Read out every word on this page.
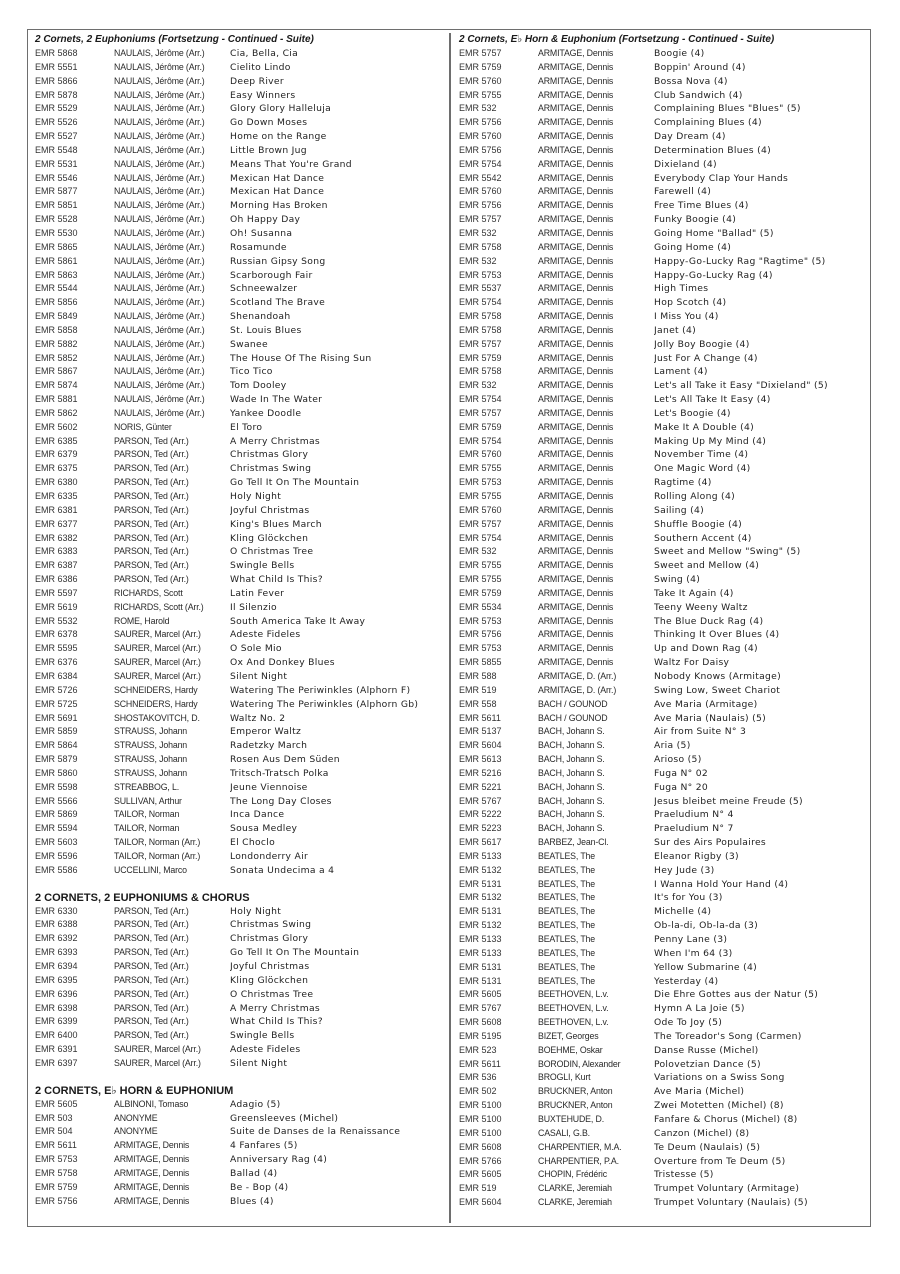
2 Cornets, 2 Euphoniums (Fortsetzung - Continued - Suite)
EMR 5868	NAULAIS, Jérôme (Arr.)	Cia, Bella, Cia
EMR 5551	NAULAIS, Jérôme (Arr.)	Cielito Lindo
EMR 5866	NAULAIS, Jérôme (Arr.)	Deep River
EMR 5878	NAULAIS, Jérôme (Arr.)	Easy Winners
EMR 5529	NAULAIS, Jérôme (Arr.)	Glory Glory Halleluja
EMR 5526	NAULAIS, Jérôme (Arr.)	Go Down Moses
EMR 5527	NAULAIS, Jérôme (Arr.)	Home on the Range
EMR 5548	NAULAIS, Jérôme (Arr.)	Little Brown Jug
EMR 5531	NAULAIS, Jérôme (Arr.)	Means That You're Grand
EMR 5546	NAULAIS, Jérôme (Arr.)	Mexican Hat Dance
EMR 5877	NAULAIS, Jérôme (Arr.)	Mexican Hat Dance
EMR 5851	NAULAIS, Jérôme (Arr.)	Morning Has Broken
EMR 5528	NAULAIS, Jérôme (Arr.)	Oh Happy Day
EMR 5530	NAULAIS, Jérôme (Arr.)	Oh! Susanna
EMR 5865	NAULAIS, Jérôme (Arr.)	Rosamunde
EMR 5861	NAULAIS, Jérôme (Arr.)	Russian Gipsy Song
EMR 5863	NAULAIS, Jérôme (Arr.)	Scarborough Fair
EMR 5544	NAULAIS, Jérôme (Arr.)	Schneewalzer
EMR 5856	NAULAIS, Jérôme (Arr.)	Scotland The Brave
EMR 5849	NAULAIS, Jérôme (Arr.)	Shenandoah
EMR 5858	NAULAIS, Jérôme (Arr.)	St. Louis Blues
EMR 5882	NAULAIS, Jérôme (Arr.)	Swanee
EMR 5852	NAULAIS, Jérôme (Arr.)	The House Of The Rising Sun
EMR 5867	NAULAIS, Jérôme (Arr.)	Tico Tico
EMR 5874	NAULAIS, Jérôme (Arr.)	Tom Dooley
EMR 5881	NAULAIS, Jérôme (Arr.)	Wade In The Water
EMR 5862	NAULAIS, Jérôme (Arr.)	Yankee Doodle
EMR 5602	NORIS, Günter	El Toro
EMR 6385	PARSON, Ted (Arr.)	A Merry Christmas
EMR 6379	PARSON, Ted (Arr.)	Christmas Glory
EMR 6375	PARSON, Ted (Arr.)	Christmas Swing
EMR 6380	PARSON, Ted (Arr.)	Go Tell It On The Mountain
EMR 6335	PARSON, Ted (Arr.)	Holy Night
EMR 6381	PARSON, Ted (Arr.)	Joyful Christmas
EMR 6377	PARSON, Ted (Arr.)	King's Blues March
EMR 6382	PARSON, Ted (Arr.)	Kling Glöckchen
EMR 6383	PARSON, Ted (Arr.)	O Christmas Tree
EMR 6387	PARSON, Ted (Arr.)	Swingle Bells
EMR 6386	PARSON, Ted (Arr.)	What Child Is This?
EMR 5597	RICHARDS, Scott	Latin Fever
EMR 5619	RICHARDS, Scott (Arr.)	Il Silenzio
EMR 5532	ROME, Harold	South America Take It Away
EMR 6378	SAURER, Marcel (Arr.)	Adeste Fideles
EMR 5595	SAURER, Marcel (Arr.)	O Sole Mio
EMR 6376	SAURER, Marcel (Arr.)	Ox And Donkey Blues
EMR 6384	SAURER, Marcel (Arr.)	Silent Night
EMR 5726	SCHNEIDERS, Hardy	Watering The Periwinkles (Alphorn F)
EMR 5725	SCHNEIDERS, Hardy	Watering The Periwinkles (Alphorn Gb)
EMR 5691	SHOSTAKOVITCH, D.	Waltz No. 2
EMR 5859	STRAUSS, Johann	Emperor Waltz
EMR 5864	STRAUSS, Johann	Radetzky March
EMR 5879	STRAUSS, Johann	Rosen Aus Dem Süden
EMR 5860	STRAUSS, Johann	Tritsch-Tratsch Polka
EMR 5598	STREABBOG, L.	Jeune Viennoise
EMR 5566	SULLIVAN, Arthur	The Long Day Closes
EMR 5869	TAILOR, Norman	Inca Dance
EMR 5594	TAILOR, Norman	Sousa Medley
EMR 5603	TAILOR, Norman (Arr.)	El Choclo
EMR 5596	TAILOR, Norman (Arr.)	Londonderry Air
EMR 5586	UCCELLINI, Marco	Sonata Undecima a 4
2 CORNETS, 2 EUPHONIUMS & CHORUS
EMR 6330	PARSON, Ted (Arr.)	Holy Night
EMR 6388	PARSON, Ted (Arr.)	Christmas Swing
EMR 6392	PARSON, Ted (Arr.)	Christmas Glory
EMR 6393	PARSON, Ted (Arr.)	Go Tell It On The Mountain
EMR 6394	PARSON, Ted (Arr.)	Joyful Christmas
EMR 6395	PARSON, Ted (Arr.)	Kling Glöckchen
EMR 6396	PARSON, Ted (Arr.)	O Christmas Tree
EMR 6398	PARSON, Ted (Arr.)	A Merry Christmas
EMR 6399	PARSON, Ted (Arr.)	What Child Is This?
EMR 6400	PARSON, Ted (Arr.)	Swingle Bells
EMR 6391	SAURER, Marcel (Arr.)	Adeste Fideles
EMR 6397	SAURER, Marcel (Arr.)	Silent Night
2 CORNETS, E♭ HORN & EUPHONIUM
EMR 5605	ALBINONI, Tomaso	Adagio (5)
EMR 503	ANONYME	Greensleeves (Michel)
EMR 504	ANONYME	Suite de Danses de la Renaissance
EMR 5611	ARMITAGE, Dennis	4 Fanfares (5)
EMR 5753	ARMITAGE, Dennis	Anniversary Rag (4)
EMR 5758	ARMITAGE, Dennis	Ballad (4)
EMR 5759	ARMITAGE, Dennis	Be - Bop (4)
EMR 5756	ARMITAGE, Dennis	Blues (4)
2 Cornets, E♭ Horn & Euphonium (Fortsetzung - Continued - Suite)
EMR 5757	ARMITAGE, Dennis	Boogie (4)
EMR 5759	ARMITAGE, Dennis	Boppin' Around (4)
EMR 5760	ARMITAGE, Dennis	Bossa Nova (4)
EMR 5755	ARMITAGE, Dennis	Club Sandwich (4)
EMR 532	ARMITAGE, Dennis	Complaining Blues "Blues" (5)
EMR 5756	ARMITAGE, Dennis	Complaining Blues (4)
EMR 5760	ARMITAGE, Dennis	Day Dream (4)
EMR 5756	ARMITAGE, Dennis	Determination Blues (4)
EMR 5754	ARMITAGE, Dennis	Dixieland (4)
EMR 5542	ARMITAGE, Dennis	Everybody Clap Your Hands
EMR 5760	ARMITAGE, Dennis	Farewell (4)
EMR 5756	ARMITAGE, Dennis	Free Time Blues (4)
EMR 5757	ARMITAGE, Dennis	Funky Boogie (4)
EMR 532	ARMITAGE, Dennis	Going Home "Ballad" (5)
EMR 5758	ARMITAGE, Dennis	Going Home (4)
EMR 532	ARMITAGE, Dennis	Happy-Go-Lucky Rag "Ragtime" (5)
EMR 5753	ARMITAGE, Dennis	Happy-Go-Lucky Rag (4)
EMR 5537	ARMITAGE, Dennis	High Times
EMR 5754	ARMITAGE, Dennis	Hop Scotch (4)
EMR 5758	ARMITAGE, Dennis	I Miss You (4)
EMR 5758	ARMITAGE, Dennis	Janet (4)
EMR 5757	ARMITAGE, Dennis	Jolly Boy Boogie (4)
EMR 5759	ARMITAGE, Dennis	Just For A Change (4)
EMR 5758	ARMITAGE, Dennis	Lament (4)
EMR 532	ARMITAGE, Dennis	Let's all Take it Easy "Dixieland" (5)
EMR 5754	ARMITAGE, Dennis	Let's All Take It Easy (4)
EMR 5757	ARMITAGE, Dennis	Let's Boogie (4)
EMR 5759	ARMITAGE, Dennis	Make It A Double (4)
EMR 5754	ARMITAGE, Dennis	Making Up My Mind (4)
EMR 5760	ARMITAGE, Dennis	November Time (4)
EMR 5755	ARMITAGE, Dennis	One Magic Word (4)
EMR 5753	ARMITAGE, Dennis	Ragtime (4)
EMR 5755	ARMITAGE, Dennis	Rolling Along (4)
EMR 5760	ARMITAGE, Dennis	Sailing (4)
EMR 5757	ARMITAGE, Dennis	Shuffle Boogie (4)
EMR 5754	ARMITAGE, Dennis	Southern Accent (4)
EMR 532	ARMITAGE, Dennis	Sweet and Mellow "Swing" (5)
EMR 5755	ARMITAGE, Dennis	Sweet and Mellow (4)
EMR 5755	ARMITAGE, Dennis	Swing (4)
EMR 5759	ARMITAGE, Dennis	Take It Again (4)
EMR 5534	ARMITAGE, Dennis	Teeny Weeny Waltz
EMR 5753	ARMITAGE, Dennis	The Blue Duck Rag (4)
EMR 5756	ARMITAGE, Dennis	Thinking It Over Blues (4)
EMR 5753	ARMITAGE, Dennis	Up and Down Rag (4)
EMR 5855	ARMITAGE, Dennis	Waltz For Daisy
EMR 588	ARMITAGE, D. (Arr.)	Nobody Knows (Armitage)
EMR 519	ARMITAGE, D. (Arr.)	Swing Low, Sweet Chariot
EMR 558	BACH / GOUNOD	Ave Maria (Armitage)
EMR 5611	BACH / GOUNOD	Ave Maria (Naulais) (5)
EMR 5137	BACH, Johann S.	Air from Suite N° 3
EMR 5604	BACH, Johann S.	Aria (5)
EMR 5613	BACH, Johann S.	Arioso (5)
EMR 5216	BACH, Johann S.	Fuga N° 02
EMR 5221	BACH, Johann S.	Fuga N° 20
EMR 5767	BACH, Johann S.	Jesus bleibet meine Freude (5)
EMR 5222	BACH, Johann S.	Praeludium N° 4
EMR 5223	BACH, Johann S.	Praeludium N° 7
EMR 5617	BARBEZ, Jean-Cl.	Sur des Airs Populaires
EMR 5133	BEATLES, The	Eleanor Rigby (3)
EMR 5132	BEATLES, The	Hey Jude (3)
EMR 5131	BEATLES, The	I Wanna Hold Your Hand (4)
EMR 5132	BEATLES, The	It's for You (3)
EMR 5131	BEATLES, The	Michelle (4)
EMR 5132	BEATLES, The	Ob-la-di, Ob-la-da (3)
EMR 5133	BEATLES, The	Penny Lane (3)
EMR 5133	BEATLES, The	When I'm 64 (3)
EMR 5131	BEATLES, The	Yellow Submarine (4)
EMR 5131	BEATLES, The	Yesterday (4)
EMR 5605	BEETHOVEN, L.v.	Die Ehre Gottes aus der Natur (5)
EMR 5767	BEETHOVEN, L.v.	Hymn A La Joie (5)
EMR 5608	BEETHOVEN, L.v.	Ode To Joy (5)
EMR 5195	BIZET, Georges	The Toreador's Song (Carmen)
EMR 523	BOEHME, Oskar	Danse Russe (Michel)
EMR 5611	BORODIN, Alexander	Polovetzian Dance (5)
EMR 536	BROGLI, Kurt	Variations on a Swiss Song
EMR 502	BRUCKNER, Anton	Ave Maria (Michel)
EMR 5100	BRUCKNER, Anton	Zwei Motetten (Michel) (8)
EMR 5100	BUXTEHUDE, D.	Fanfare & Chorus (Michel) (8)
EMR 5100	CASALI, G.B.	Canzon (Michel) (8)
EMR 5608	CHARPENTIER, M.A.	Te Deum (Naulais) (5)
EMR 5766	CHARPENTIER, P.A.	Overture from Te Deum (5)
EMR 5605	CHOPIN, Frédéric	Tristesse (5)
EMR 519	CLARKE, Jeremiah	Trumpet Voluntary (Armitage)
EMR 5604	CLARKE, Jeremiah	Trumpet Voluntary (Naulais) (5)
